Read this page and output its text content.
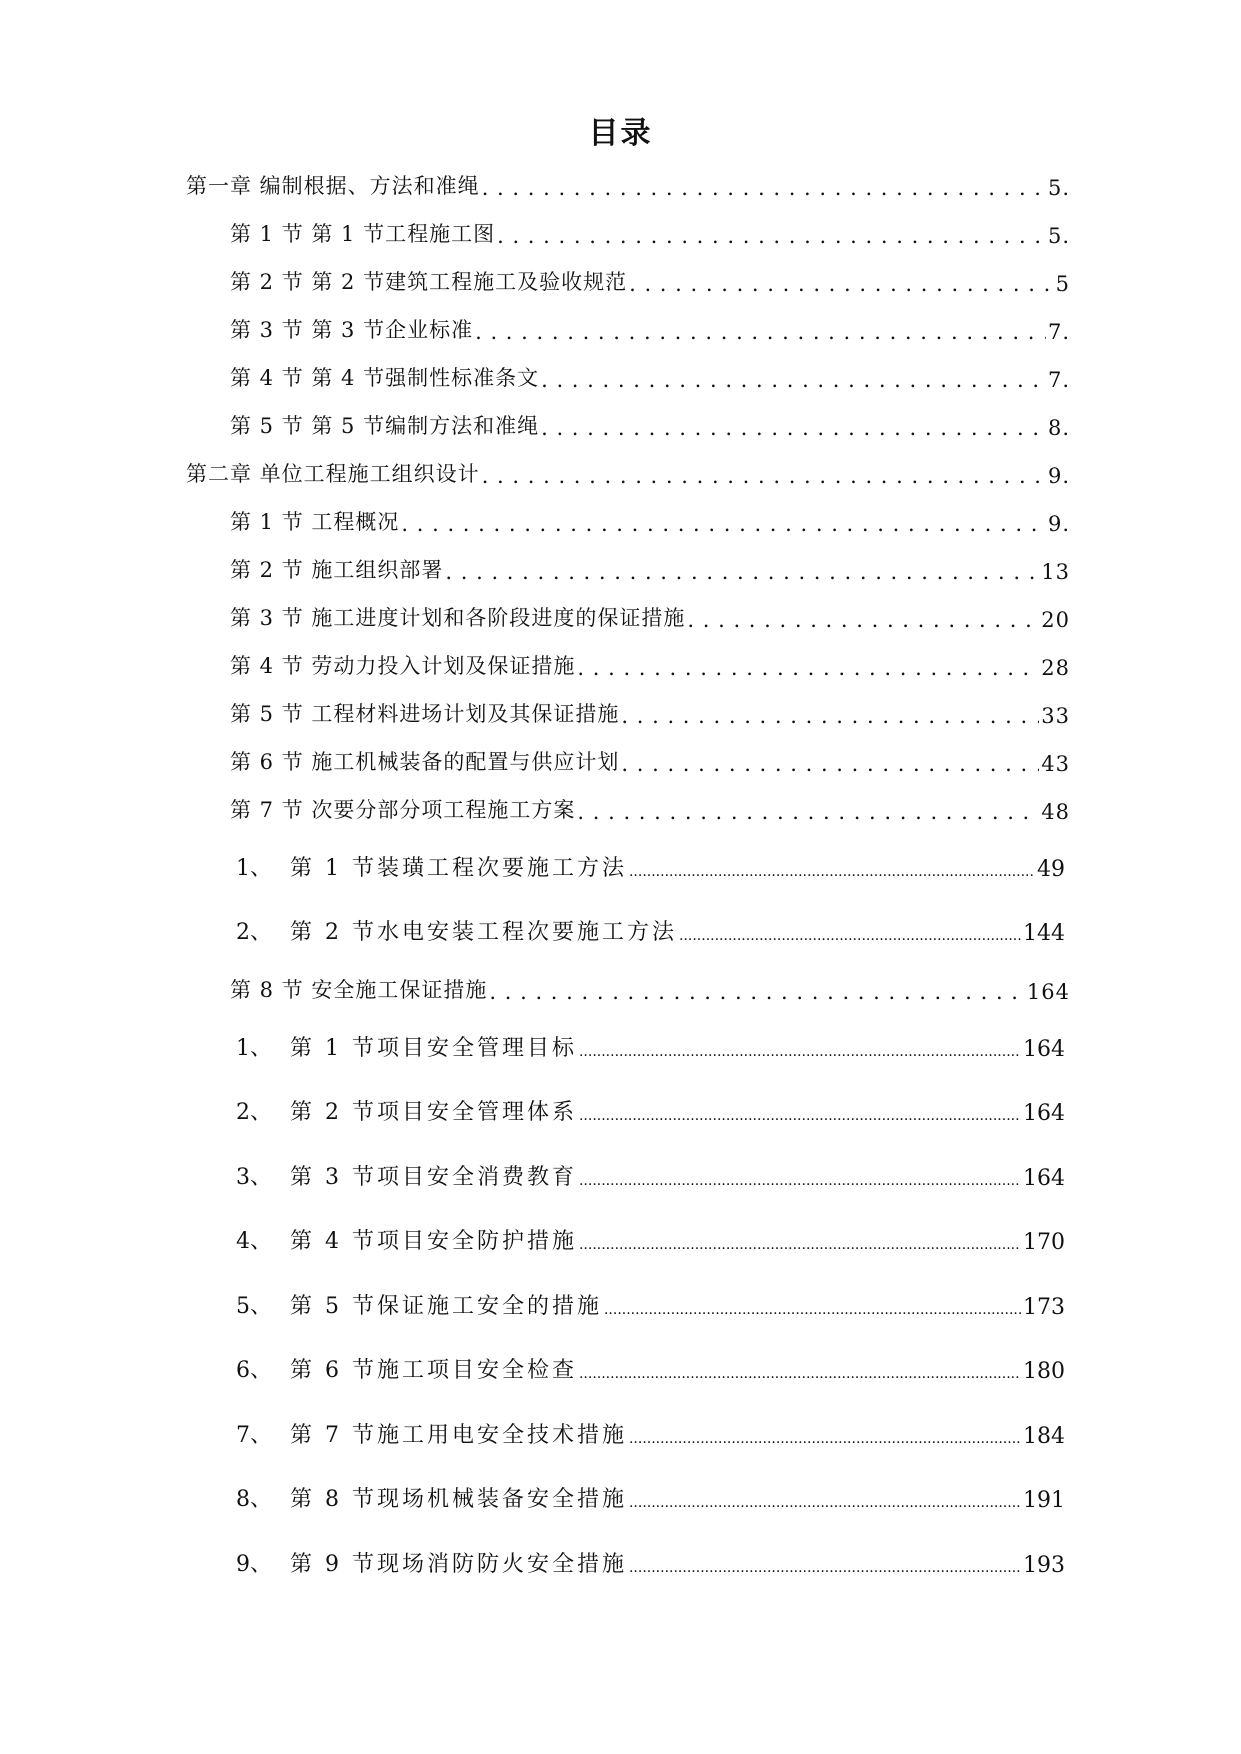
目录
第一章 编制根据、方法和准绳 . . .	5.
第 1 节 第 1 节工程施工图 . . .	5.
第 2 节 第 2 节建筑工程施工及验收规范 . . .	5
第 3 节 第 3 节企业标准 . . .	7.
第 4 节 第 4 节强制性标准条文 . . .	7.
第 5 节 第 5 节编制方法和准绳 . . .	8.
第二章 单位工程施工组织设计 . . .	9.
第 1 节 工程概况 . . .	9.
第 2 节 施工组织部署 . . .	13
第 3 节 施工进度计划和各阶段进度的保证措施 . . .	20
第 4 节 劳动力投入计划及保证措施 . . .	28
第 5 节 工程材料进场计划及其保证措施 . . .	33
第 6 节 施工机械装备的配置与供应计划 . . .	43
第 7 节 次要分部分项工程施工方案 . . .	48
1、 第 1 节装璜工程次要施工方法 .....	49
2、 第 2 节水电安装工程次要施工方法 .....	144
第 8 节 安全施工保证措施 . . .	164
1、 第 1 节项目安全管理目标 .....	164
2、 第 2 节项目安全管理体系 .....	164
3、 第 3 节项目安全消费教育 .....	164
4、 第 4 节项目安全防护措施 .....	170
5、 第 5 节保证施工安全的措施 .....	173
6、 第 6 节施工项目安全检查 .....	180
7、 第 7 节施工用电安全技术措施 .....	184
8、 第 8 节现场机械装备安全措施 .....	191
9、 第 9 节现场消防防火安全措施 .....	193
